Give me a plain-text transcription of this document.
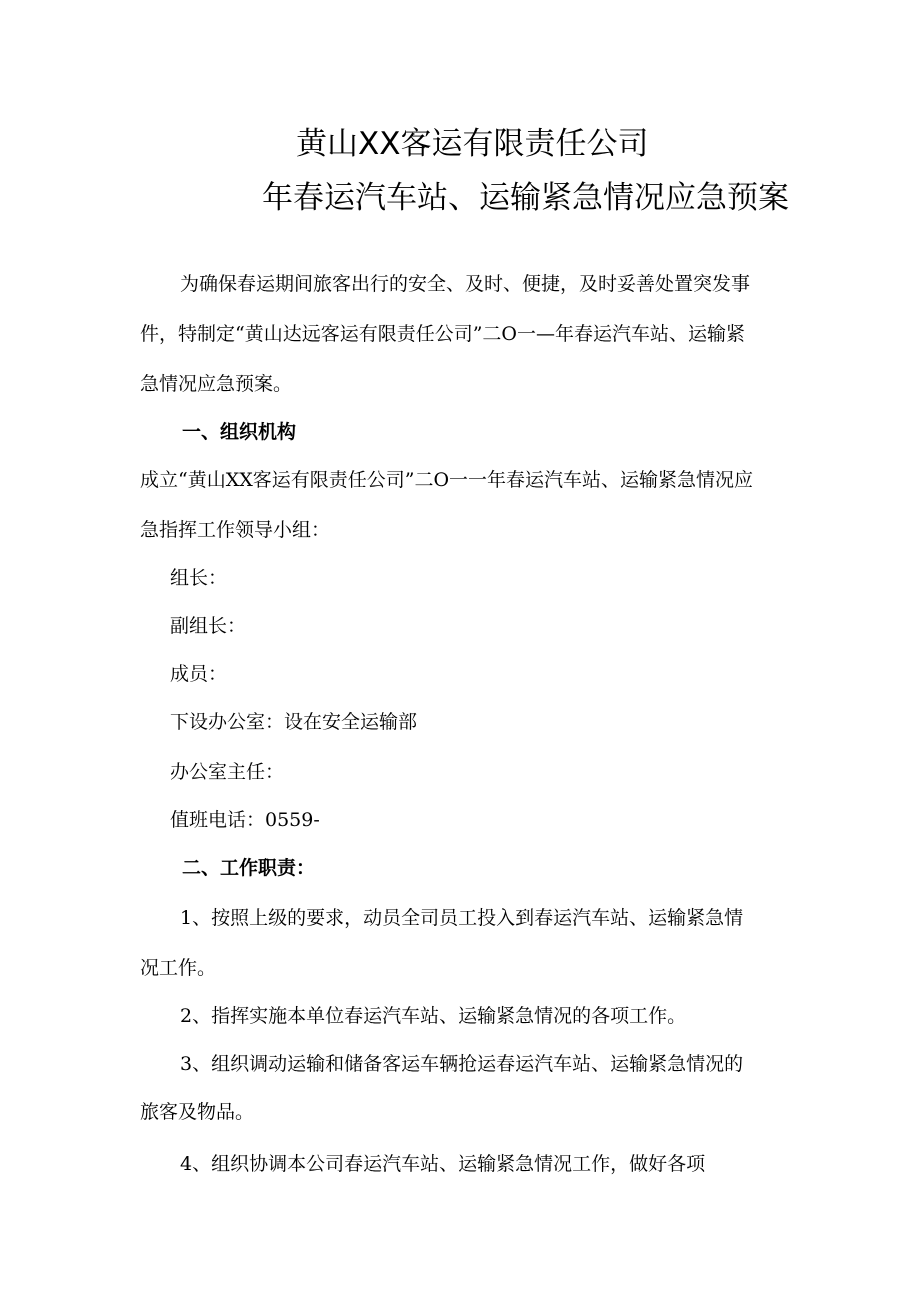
黄山XX客运有限责任公司
年春运汽车站、运输紧急情况应急预案
为确保春运期间旅客出行的安全、及时、便捷，及时妥善处置突发事
件，特制定“黄山达远客运有限责任公司”二O一—年春运汽车站、运输紧
急情况应急预案。
一、组织机构
成立“黄山XX客运有限责任公司”二O一一年春运汽车站、运输紧急情况应
急指挥工作领导小组：
组长：
副组长：
成员：
下设办公室：设在安全运输部
办公室主任：
值班电话：0559-
二、工作职责：
1、按照上级的要求，动员全司员工投入到春运汽车站、运输紧急情
况工作。
2、指挥实施本单位春运汽车站、运输紧急情况的各项工作。
3、组织调动运输和储备客运车辆抢运春运汽车站、运输紧急情况的
旅客及物品。
4、组织协调本公司春运汽车站、运输紧急情况工作，做好各项
